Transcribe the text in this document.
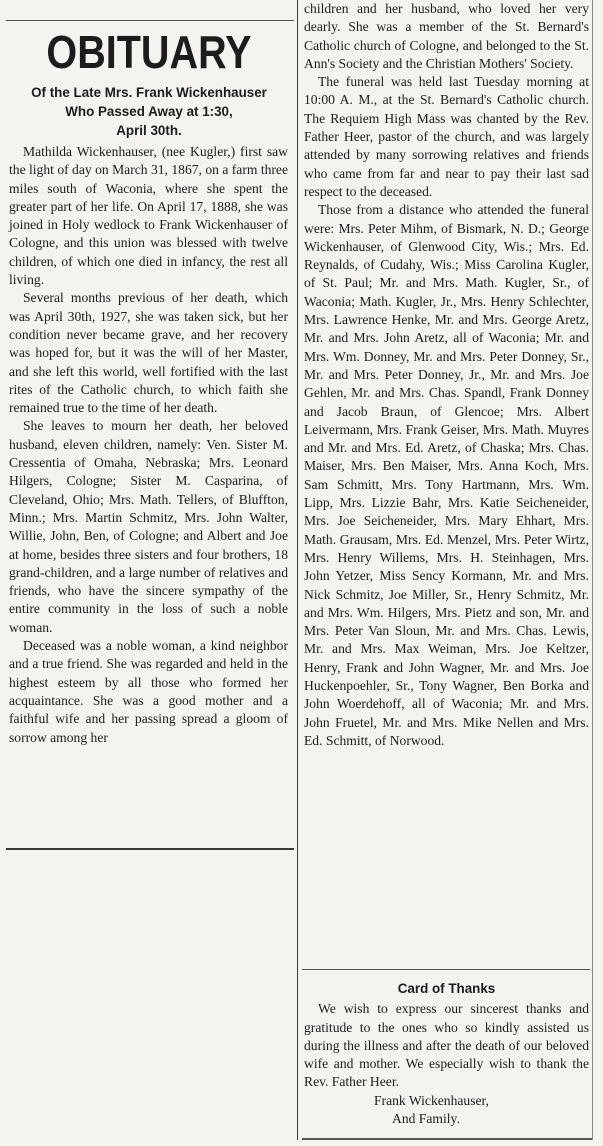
OBITUARY
Of the Late Mrs. Frank Wickenhauser
Who Passed Away at 1:30,
April 30th.

Mathilda Wickenhauser, (nee Kugler,) first saw the light of day on March 31, 1867, on a farm three miles south of Waconia, where she spent the greater part of her life. On April 17, 1888, she was joined in Holy wedlock to Frank Wickenhauser of Cologne, and this union was blessed with twelve children, of which one died in infancy, the rest all living.

Several months previous of her death, which was April 30th, 1927, she was taken sick, but her condition never became grave, and her recovery was hoped for, but it was the will of her Master, and she left this world, well fortified with the last rites of the Catholic church, to which faith she remained true to the time of her death.

She leaves to mourn her death, her beloved husband, eleven children, namely: Ven. Sister M. Cressentia of Omaha, Nebraska; Mrs. Leonard Hilgers, Cologne; Sister M. Casparina, of Cleveland, Ohio; Mrs. Math. Tellers, of Bluffton, Minn.; Mrs. Martin Schmitz, Mrs. John Walter, Willie, John, Ben, of Cologne; and Albert and Joe at home, besides three sisters and four brothers, 18 grand-children, and a large number of relatives and friends, who have the sincere sympathy of the entire community in the loss of such a noble woman.

Deceased was a noble woman, a kind neighbor and a true friend. She was regarded and held in the highest esteem by all those who formed her acquaintance. She was a good mother and a faithful wife and her passing spread a gloom of sorrow among her

children and her husband, who loved her very dearly. She was a member of the St. Bernard's Catholic church of Cologne, and belonged to the St. Ann's Society and the Christian Mothers' Society.

The funeral was held last Tuesday morning at 10:00 A. M., at the St. Bernard's Catholic church. The Requiem High Mass was chanted by the Rev. Father Heer, pastor of the church, and was largely attended by many sorrowing relatives and friends who came from far and near to pay their last sad respect to the deceased.

Those from a distance who attended the funeral were: Mrs. Peter Mihm, of Bismark, N. D.; George Wickenhauser, of Glenwood City, Wis.; Mrs. Ed. Reynalds, of Cudahy, Wis.; Miss Carolina Kugler, of St. Paul; Mr. and Mrs. Math. Kugler, Sr., of Waconia; Math. Kugler, Jr., Mrs. Henry Schlechter, Mrs. Lawrence Henke, Mr. and Mrs. George Aretz, Mr. and Mrs. John Aretz, all of Waconia; Mr. and Mrs. Wm. Donney, Mr. and Mrs. Peter Donney, Sr., Mr. and Mrs. Peter Donney, Jr., Mr. and Mrs. Joe Gehlen, Mr. and Mrs. Chas. Spandl, Frank Donney and Jacob Braun, of Glencoe; Mrs. Albert Leivermann, Mrs. Frank Geiser, Mrs. Math. Muyres and Mr. and Mrs. Ed. Aretz, of Chaska; Mrs. Chas. Maiser, Mrs. Ben Maiser, Mrs. Anna Koch, Mrs. Sam Schmitt, Mrs. Tony Hartmann, Mrs. Wm. Lipp, Mrs. Lizzie Bahr, Mrs. Katie Seicheneider, Mrs. Joe Seicheneider, Mrs. Mary Ehhart, Mrs. Math. Grausam, Mrs. Ed. Menzel, Mrs. Peter Wirtz, Mrs. Henry Willems, Mrs. H. Steinhagen, Mrs. John Yetzer, Miss Sency Kormann, Mr. and Mrs. Nick Schmitz, Joe Miller, Sr., Henry Schmitz, Mr. and Mrs. Wm. Hilgers, Mrs. Pietz and son, Mr. and Mrs. Peter Van Sloun, Mr. and Mrs. Chas. Lewis, Mr. and Mrs. Max Weiman, Mrs. Joe Keltzer, Henry, Frank and John Wagner, Mr. and Mrs. Joe Huckenpoehler, Sr., Tony Wagner, Ben Borka and John Woerdehoff, all of Waconia; Mr. and Mrs. John Fruetel, Mr. and Mrs. Mike Nellen and Mrs. Ed. Schmitt, of Norwood.

Card of Thanks

We wish to express our sincerest thanks and gratitude to the ones who so kindly assisted us during the illness and after the death of our beloved wife and mother. We especially wish to thank the Rev. Father Heer.

Frank Wickenhauser,

And Family.
